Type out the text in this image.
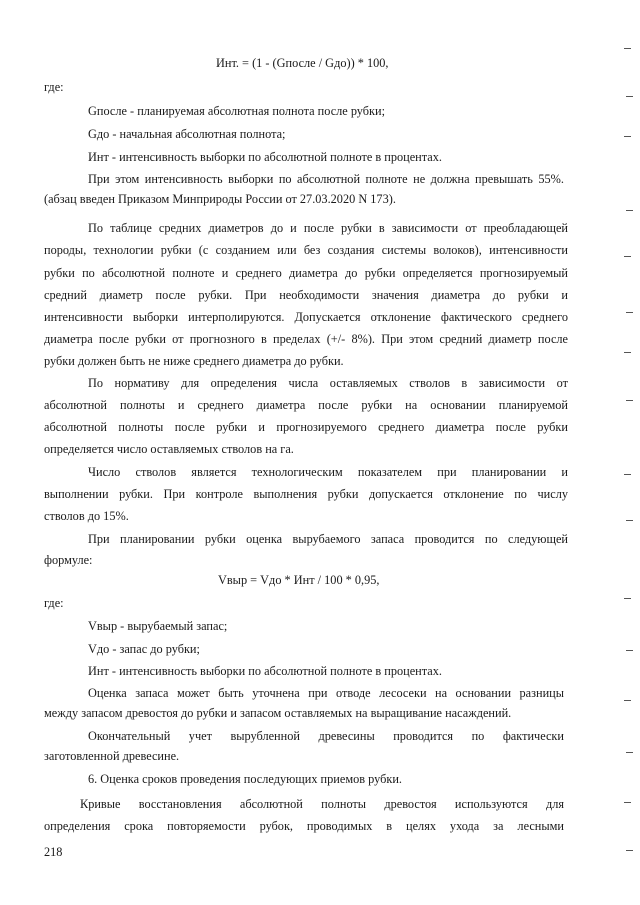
Инт. = (1 - (Gпосле / Gдо)) * 100,

где:

Gпосле - планируемая абсолютная полнота после рубки;

Gдо - начальная абсолютная полнота;

Инт - интенсивность выборки по абсолютной полноте в процентах.

При этом интенсивность выборки по абсолютной полноте не должна превышать 55%.

(абзац введен Приказом Минприроды России от 27.03.2020 N 173).

По таблице средних диаметров до и после рубки в зависимости от преобладающей

породы, технологии рубки (с созданием или без создания системы волоков), интенсивности

рубки по абсолютной полноте и среднего диаметра до рубки определяется прогнозируемый

средний диаметр после рубки. При необходимости значения диаметра до рубки и

интенсивности выборки интерполируются. Допускается отклонение фактического среднего

диаметра после рубки от прогнозного в пределах (+/- 8%). При этом средний диаметр после

рубки должен быть не ниже среднего диаметра до рубки.

По нормативу для определения числа оставляемых стволов в зависимости от

абсолютной полноты и среднего диаметра после рубки на основании планируемой

абсолютной полноты после рубки и прогнозируемого среднего диаметра после рубки

определяется число оставляемых стволов на га.

Число стволов является технологическим показателем при планировании и

выполнении рубки. При контроле выполнения рубки допускается отклонение по числу

стволов до 15%.

При планировании рубки оценка вырубаемого запаса проводится по следующей

формуле:

Vвыр = Vдо * Инт / 100 * 0,95,

где:

Vвыр - вырубаемый запас;

Vдо - запас до рубки;

Инт - интенсивность выборки по абсолютной полноте в процентах.

Оценка запаса может быть уточнена при отводе лесосеки на основании разницы

между запасом древостоя до рубки и запасом оставляемых на выращивание насаждений.

Окончательный учет вырубленной древесины проводится по фактически

заготовленной древесине.

6. Оценка сроков проведения последующих приемов рубки.

Кривые восстановления абсолютной полноты древостоя используются для

определения срока повторяемости рубок, проводимых в целях ухода за лесными

218
